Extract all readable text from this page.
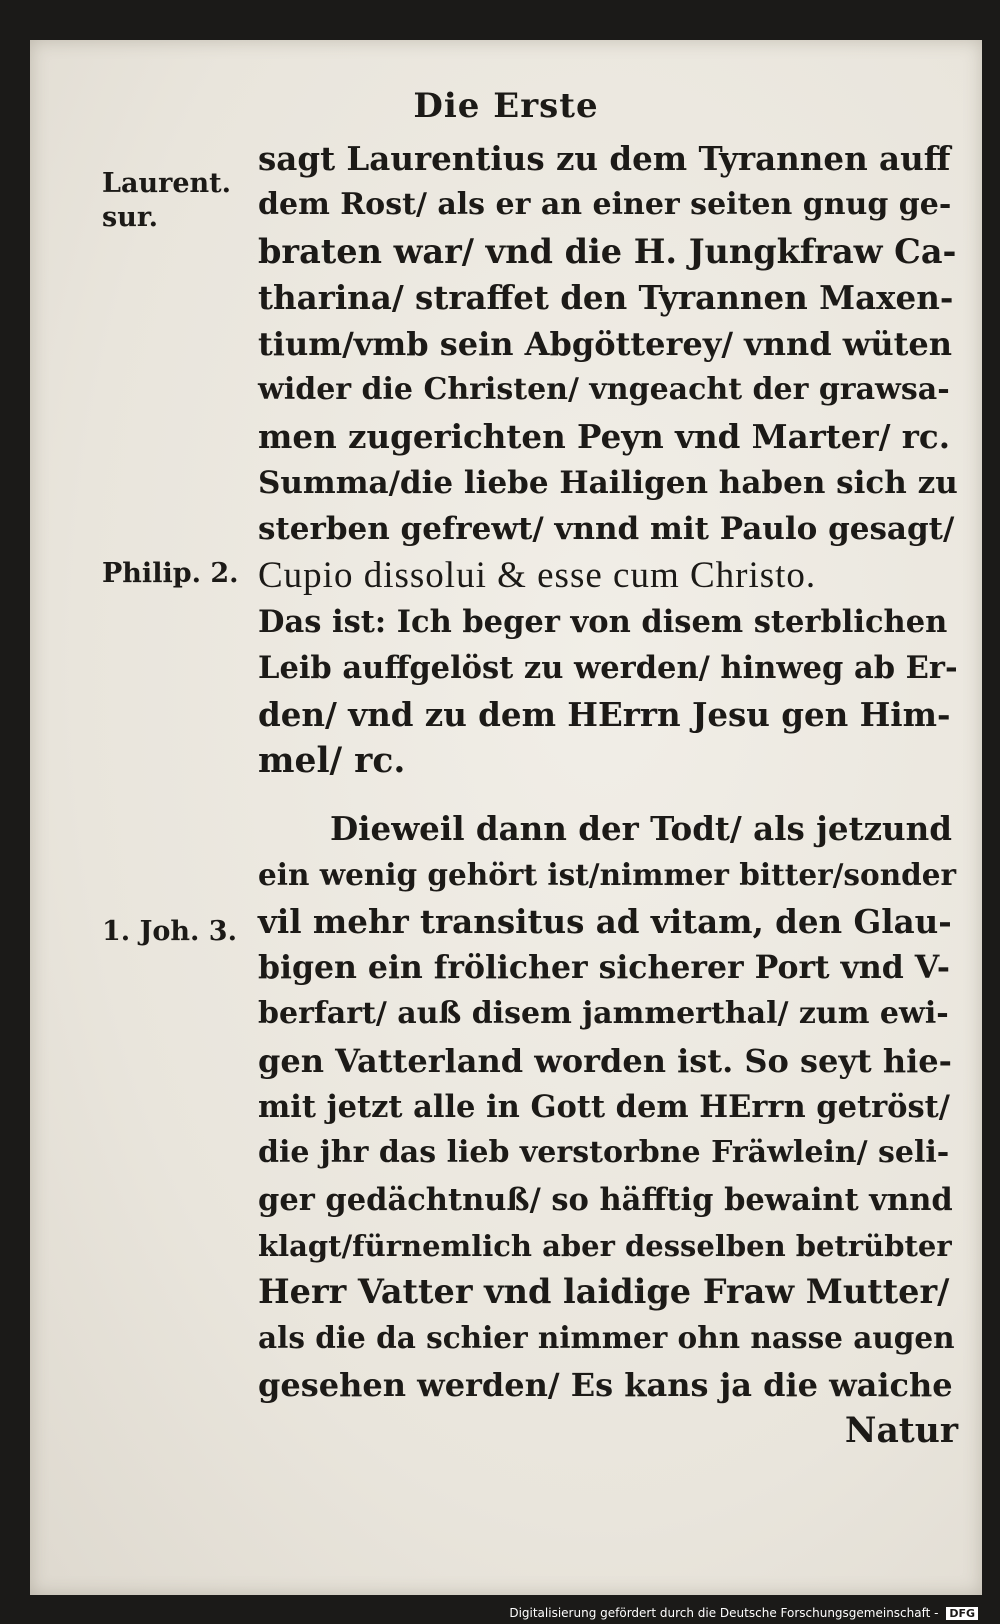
Die Erste
Laurent.
sur.
Philip. 2.
1. Joh. 3.
sagt Laurentius zu dem Tyrannen auff
dem Rost/ als er an einer seiten gnug ge-
braten war/ vnd die H. Jungkfraw Ca-
tharina/ straffet den Tyrannen Maxen-
tium/vmb sein Abgötterey/ vnnd wüten
wider die Christen/ vngeacht der grawsa-
men zugerichten Peyn vnd Marter/ rc.
Summa/die liebe Hailigen haben sich zu
sterben gefrewt/ vnnd mit Paulo gesagt/
Cupio dissolui & esse cum Christo.
Das ist: Ich beger von disem sterblichen
Leib auffgelöst zu werden/ hinweg ab Er-
den/ vnd zu dem HErrn Jesu gen Him-
mel/ rc.
Dieweil dann der Todt/ als jetzund
ein wenig gehört ist/nimmer bitter/sonder
vil mehr transitus ad vitam, den Glau-
bigen ein frölicher sicherer Port vnd V-
berfart/ auß disem jammerthal/ zum ewi-
gen Vatterland worden ist. So seyt hie-
mit jetzt alle in Gott dem HErrn getröst/
die jhr das lieb verstorbne Fräwlein/ seli-
ger gedächtnuß/ so häfftig bewaint vnnd
klagt/fürnemlich aber desselben betrübter
Herr Vatter vnd laidige Fraw Mutter/
als die da schier nimmer ohn nasse augen
gesehen werden/ Es kans ja die waiche
Natur
Digitalisierung gefördert durch die Deutsche Forschungsgemeinschaft - DFG
